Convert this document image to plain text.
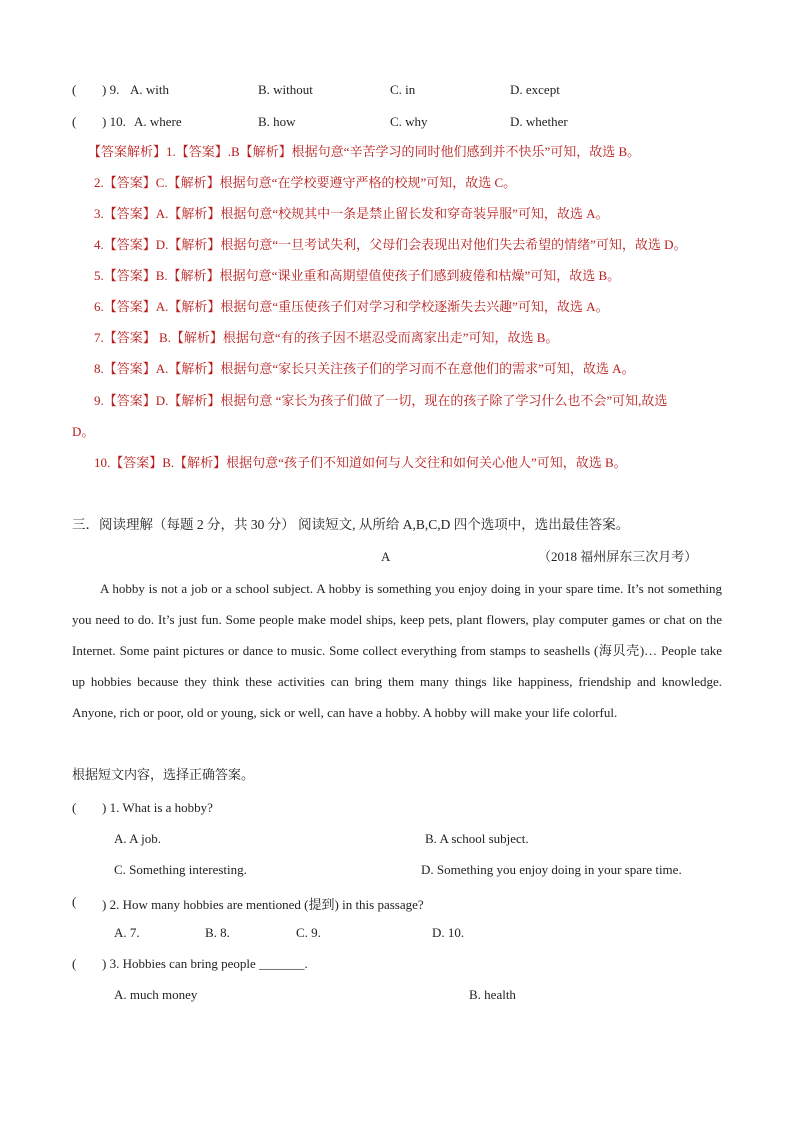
( ) 9. A. with	B. without	C. in	D. except
( ) 10. A. where	B. how	C. why	D. whether
【答案解析】1.【答案】.B【解析】根据句意“辛苦学习的同时他们感到并不快乐”可知，故选 B。
2.【答案】C.【解析】根据句意“在学校要遵守严格的校规”可知，故选 C。
3.【答案】A.【解析】根据句意“校规其中一条是禁止留长发和穿奇装异服”可知，故选 A。
4.【答案】D.【解析】根据句意“一旦考试失利，父母们会表现出对他们失去希望的情绪”可知，故选 D。
5.【答案】B.【解析】根据句意“课业重和高期望值使孩子们感到疲倦和枯燥”可知，故选 B。
6.【答案】A.【解析】根据句意“重压使孩子们对学习和学校逐渐失去兴趣”可知，故选 A。
7.【答案】 B.【解析】根据句意“有的孩子因不堪忍受而离家出走”可知，故选 B。
8.【答案】A.【解析】根据句意“家长只关注孩子们的学习而不在意他们的需求”可知，故选 A。
9.【答案】D.【解析】根据句意 “家长为孩子们做了一切，现在的孩子除了学习什么也不会”可知,故选
D。
10.【答案】B.【解析】根据句意“孩子们不知道如何与人交往和如何关心他人”可知，故选 B。
三．阅读理解（每题 2 分，共 30 分） 阅读短文, 从所给 A,B,C,D 四个选项中，选出最佳答案。
A	（2018 福州屏东三次月考）
A hobby is not a job or a school subject. A hobby is something you enjoy doing in your spare time. It’s not something you need to do. It’s just fun. Some people make model ships, keep pets, plant flowers, play computer games or chat on the Internet. Some paint pictures or dance to music. Some collect everything from stamps to seashells (海贝壳)… People take up hobbies because they think these activities can bring them many things like happiness, friendship and knowledge. Anyone, rich or poor, old or young, sick or well, can have a hobby. A hobby will make your life colorful.
根据短文内容，选择正确答案。
( ) 1. What is a hobby?
A. A job.	B. A school subject.
C. Something interesting.	D. Something you enjoy doing in your spare time.
( ) 2. How many hobbies are mentioned (提到) in this passage?
A. 7.	B. 8.	C. 9.	D. 10.
( ) 3. Hobbies can bring people _______.
A. much money	B. health
